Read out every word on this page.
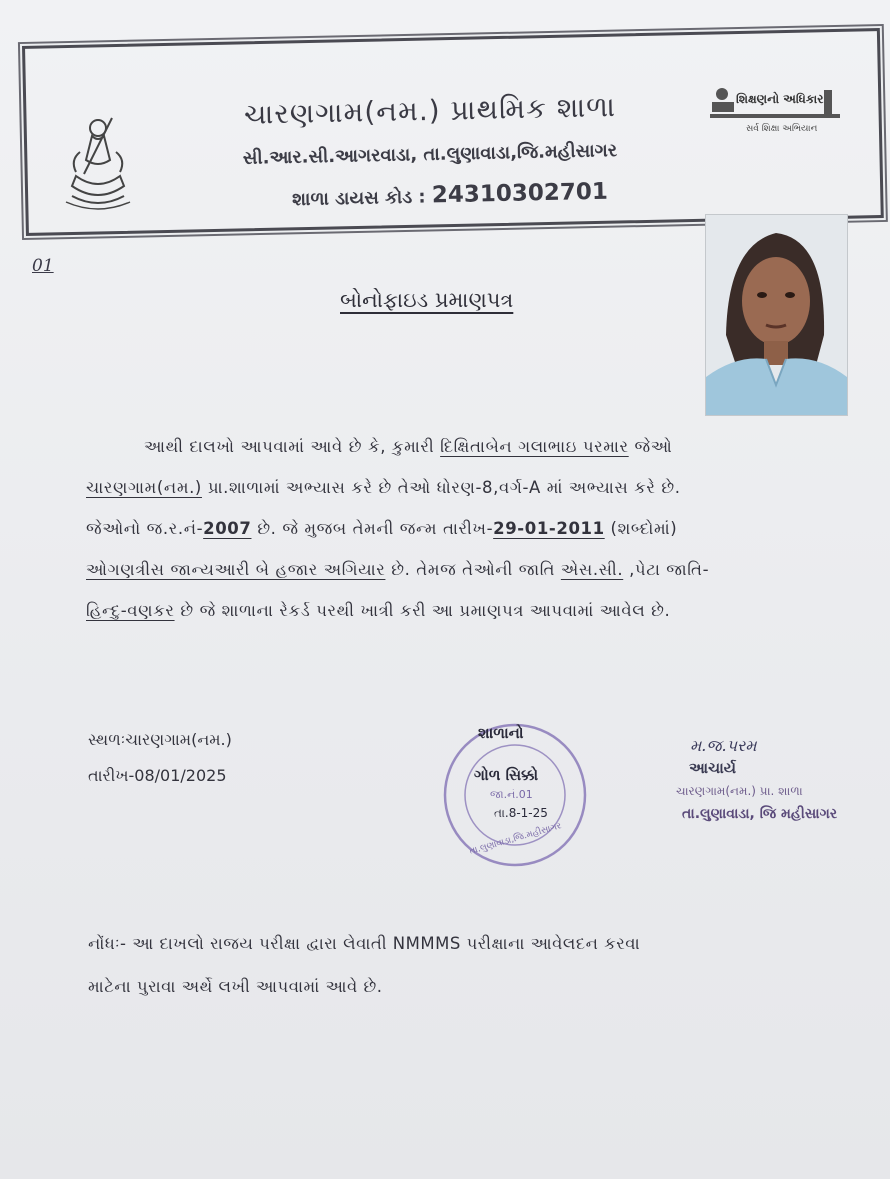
શિક્ષણનો અધિકાર
સર્વ શિક્ષા અભિયાન
ચારણગામ(નમ.) પ્રાથમિક શાળા
સી.આર.સી.આગરવાડા, તા.લુણાવાડા,જિ.મહીસાગર
શાળા ડાયસ કોડ : 24310302701
01
બોનોફાઇડ પ્રમાણપત્ર
આથી દાલખો આપવામાં આવે છે કે, કુમારી દિક્ષિતાબેન ગલાભાઇ પરમાર જેઓ
ચારણગામ(નમ.) પ્રા.શાળામાં અભ્યાસ કરે છે તેઓ ધોરણ-8,વર્ગ-A માં અભ્યાસ કરે છે.
જેઓનો જ.ર.નં-2007 છે. જે મુજબ તેમની જન્મ તારીખ-29-01-2011 (શબ્દોમાં)
ઓગણત્રીસ જાન્યઆરી બે હજાર અગિયાર છે. તેમજ તેઓની જાતિ એસ.સી. ,પેટા જાતિ-
હિન્દુ-વણકર છે જે શાળાના રેકર્ડ પરથી ખાત્રી કરી આ પ્રમાણપત્ર આપવામાં આવેલ છે.
સ્થળઃચારણગામ(નમ.)
તારીખ-08/01/2025
શાળાનો
ગોળ સિક્કો
જા.નં.01
તા.8-1-25
તા.લુણાવાડા,જિ.મહીસાગર
મ.જ.પરમ
આચાર્ય
ચારણગામ(નમ.) પ્રા. શાળા
તા.લુણાવાડા, જિ મહીસાગર
નોંધઃ- આ દાખલો રાજય પરીક્ષા દ્વારા લેવાતી NMMMS પરીક્ષાના આવેલદન કરવા
માટેના પુરાવા અર્થે લખી આપવામાં આવે છે.
